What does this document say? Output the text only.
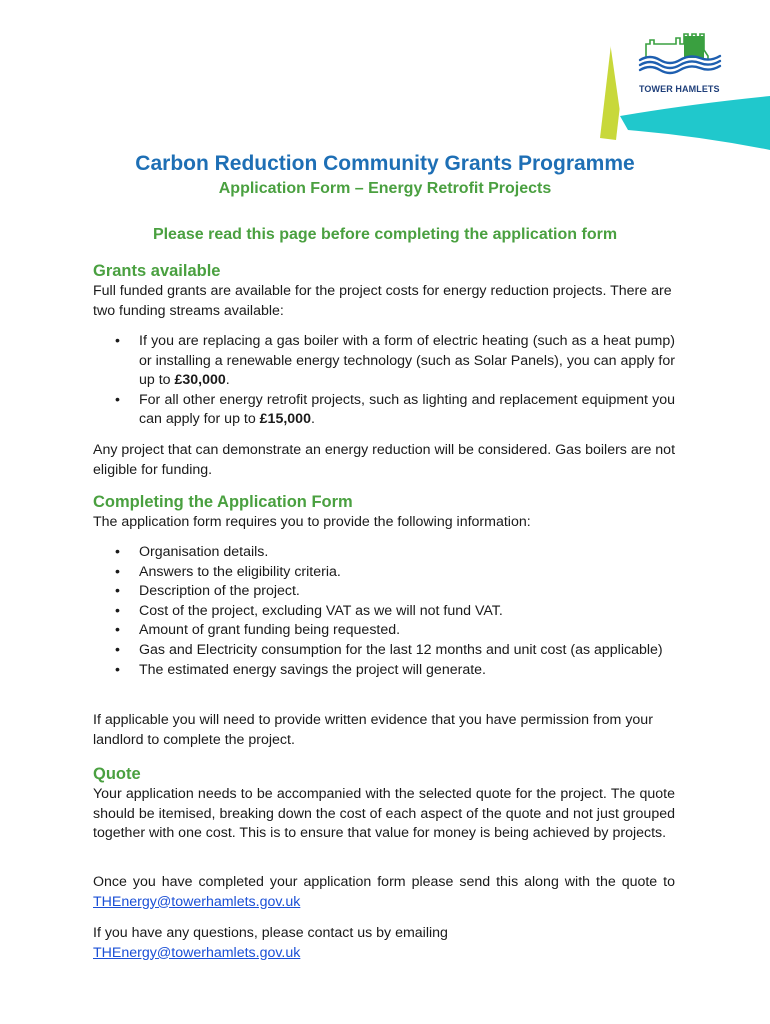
TOWER HAMLETS
Carbon Reduction Community Grants Programme
Application Form – Energy Retrofit Projects
Please read this page before completing the application form
Grants available

Full funded grants are available for the project costs for energy reduction projects. There are two funding streams available:

• If you are replacing a gas boiler with a form of electric heating (such as a heat pump) or installing a renewable energy technology (such as Solar Panels), you can apply for up to £30,000.
• For all other energy retrofit projects, such as lighting and replacement equipment you can apply for up to £15,000.

Any project that can demonstrate an energy reduction will be considered. Gas boilers are not eligible for funding.

Completing the Application Form

The application form requires you to provide the following information:

• Organisation details.
• Answers to the eligibility criteria.
• Description of the project.
• Cost of the project, excluding VAT as we will not fund VAT.
• Amount of grant funding being requested.
• Gas and Electricity consumption for the last 12 months and unit cost (as applicable)
• The estimated energy savings the project will generate.

If applicable you will need to provide written evidence that you have permission from your landlord to complete the project.

Quote

Your application needs to be accompanied with the selected quote for the project. The quote should be itemised, breaking down the cost of each aspect of the quote and not just grouped together with one cost. This is to ensure that value for money is being achieved by projects.

Once you have completed your application form please send this along with the quote to THEnergy@towerhamlets.gov.uk

If you have any questions, please contact us by emailing

THEnergy@towerhamlets.gov.uk
